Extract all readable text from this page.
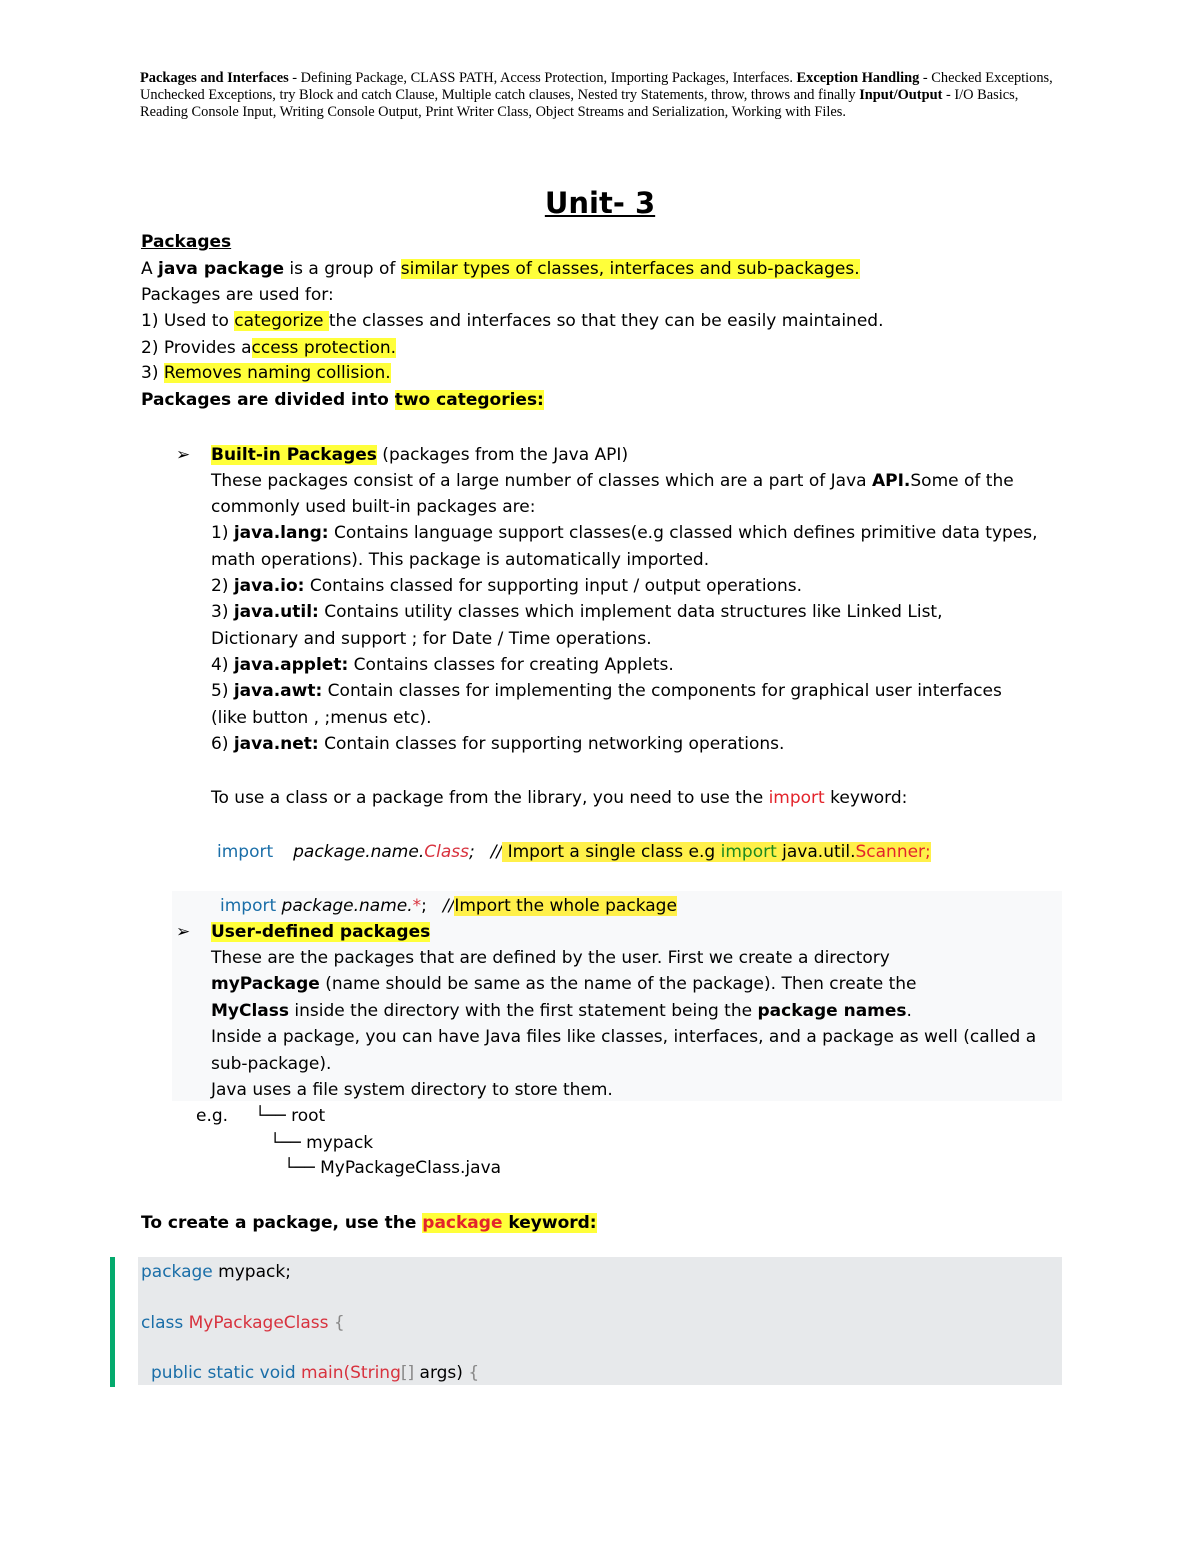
Packages and Interfaces - Defining Package, CLASS PATH, Access Protection, Importing Packages, Interfaces. Exception Handling - Checked Exceptions, Unchecked Exceptions, try Block and catch Clause, Multiple catch clauses, Nested try Statements, throw, throws and finally Input/Output - I/O Basics, Reading Console Input, Writing Console Output, Print Writer Class, Object Streams and Serialization, Working with Files.

Unit- 3
Packages
A java package is a group of similar types of classes, interfaces and sub-packages.
Packages are used for:
1) Used to categorize the classes and interfaces so that they can be easily maintained.
2) Provides access protection.
3) Removes naming collision.
Packages are divided into two categories:
➢ Built-in Packages (packages from the Java API)
These packages consist of a large number of classes which are a part of Java API.Some of the
commonly used built-in packages are:
1) java.lang: Contains language support classes(e.g classed which defines primitive data types,
math operations). This package is automatically imported.
2) java.io: Contains classed for supporting input / output operations.
3) java.util: Contains utility classes which implement data structures like Linked List,
Dictionary and support ; for Date / Time operations.
4) java.applet: Contains classes for creating Applets.
5) java.awt: Contain classes for implementing the components for graphical user interfaces
(like button , ;menus etc).
6) java.net: Contain classes for supporting networking operations.
To use a class or a package from the library, you need to use the import keyword:
import package.name.Class; // Import a single class e.g import java.util.Scanner;
import package.name.*; //Import the whole package
➢ User-defined packages
These are the packages that are defined by the user. First we create a directory
myPackage (name should be same as the name of the package). Then create the
MyClass inside the directory with the first statement being the package names.
Inside a package, you can have Java files like classes, interfaces, and a package as well (called a
sub-package).
Java uses a file system directory to store them.
e.g. └── root
└── mypack
└── MyPackageClass.java
To create a package, use the package keyword:
package mypack;
class MyPackageClass {
public static void main(String[] args) {
